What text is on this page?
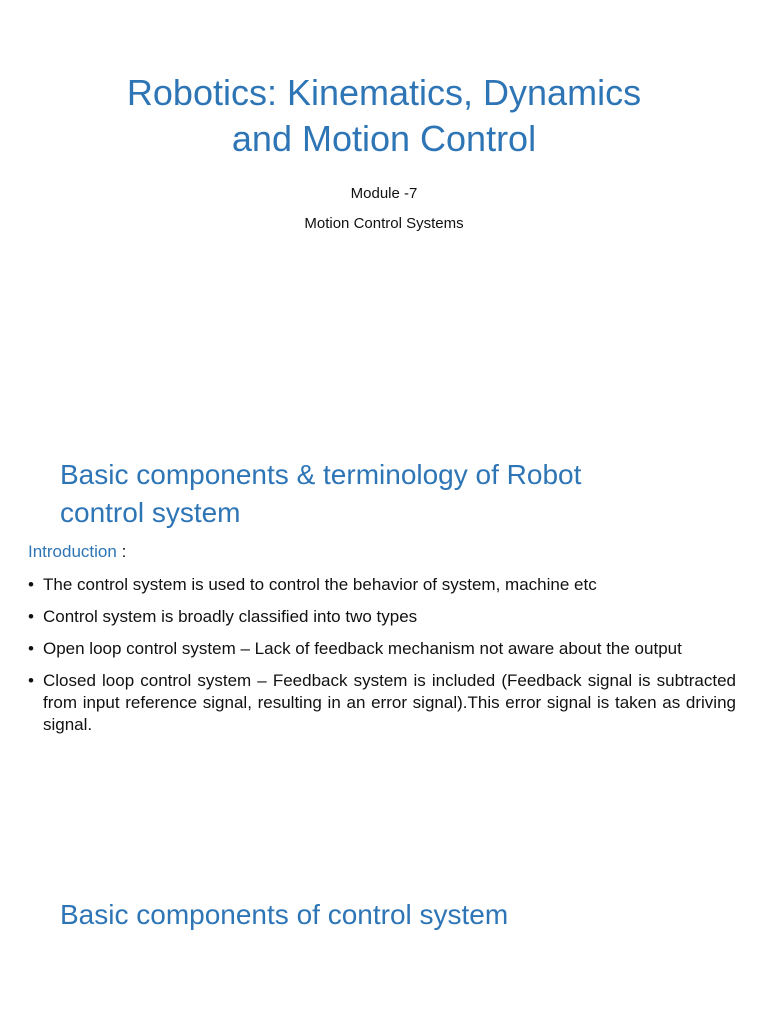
Robotics: Kinematics, Dynamics
and Motion Control
Module -7
Motion Control Systems
Basic components & terminology of Robot
control system
Introduction :
• The control system is used to control the behavior of system, machine etc
• Control system is broadly classified into two types
• Open loop control system – Lack of feedback mechanism not aware about the output
• Closed loop control system – Feedback system is included (Feedback signal is subtracted from input reference signal, resulting in an error signal).This error signal is taken as driving signal.
Basic components of control system
